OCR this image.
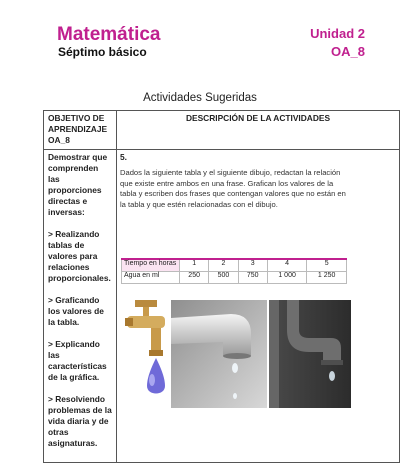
Matemática
Séptimo básico
Unidad 2
OA_8
Actividades Sugeridas
OBJETIVO DE APRENDIZAJE OA_8	DESCRIPCIÓN DE LA ACTIVIDADES

Demostrar que comprenden las proporciones directas e inversas:

> Realizando tablas de valores para relaciones proporcionales.

> Graficando los valores de la tabla.

> Explicando las características de la gráfica.

> Resolviendo problemas de la vida diaria y de otras asignaturas.

5.
Dados la siguiente tabla y el siguiente dibujo, redactan la relación que existe entre ambos en una frase. Grafican los valores de la tabla y escriben dos frases que contengan valores que no están en la tabla y que estén relacionadas con el dibujo.
Tiempo en horas	1	2	3	4	5
Agua en ml	250	500	750	1 000	1 250
